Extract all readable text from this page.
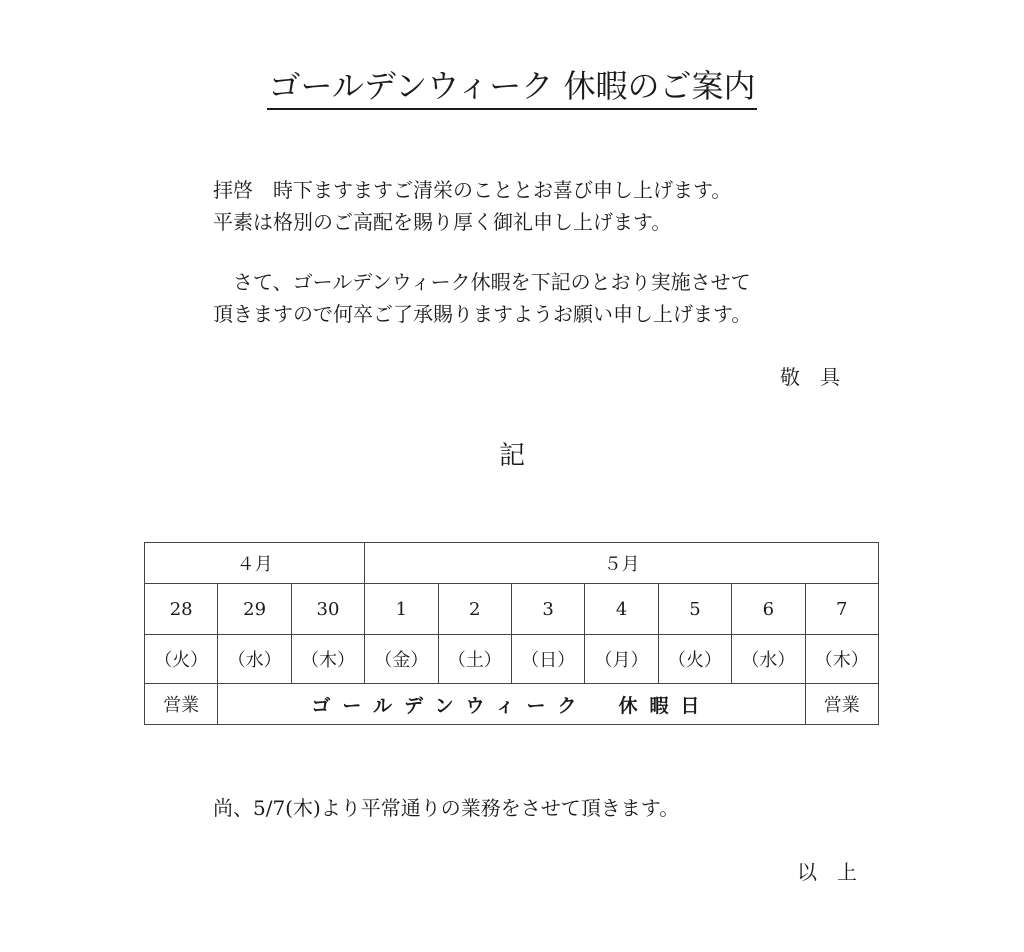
ゴールデンウィーク 休暇のご案内
拝啓　時下ますますご清栄のこととお喜び申し上げます。
平素は格別のご高配を賜り厚く御礼申し上げます。
　さて、ゴールデンウィーク休暇を下記のとおり実施させて
頂きますので何卒ご了承賜りますようお願い申し上げます。
敬　具
記
４月			５月						
28	29	30	1	2	3	4	5	6	7
（火）	（水）	（木）	（金）	（土）	（日）	（月）	（火）	（水）	（木）
営業	ゴールデンウィーク 休暇日								営業
尚、5/7(木)より平常通りの業務をさせて頂きます。
以　上
